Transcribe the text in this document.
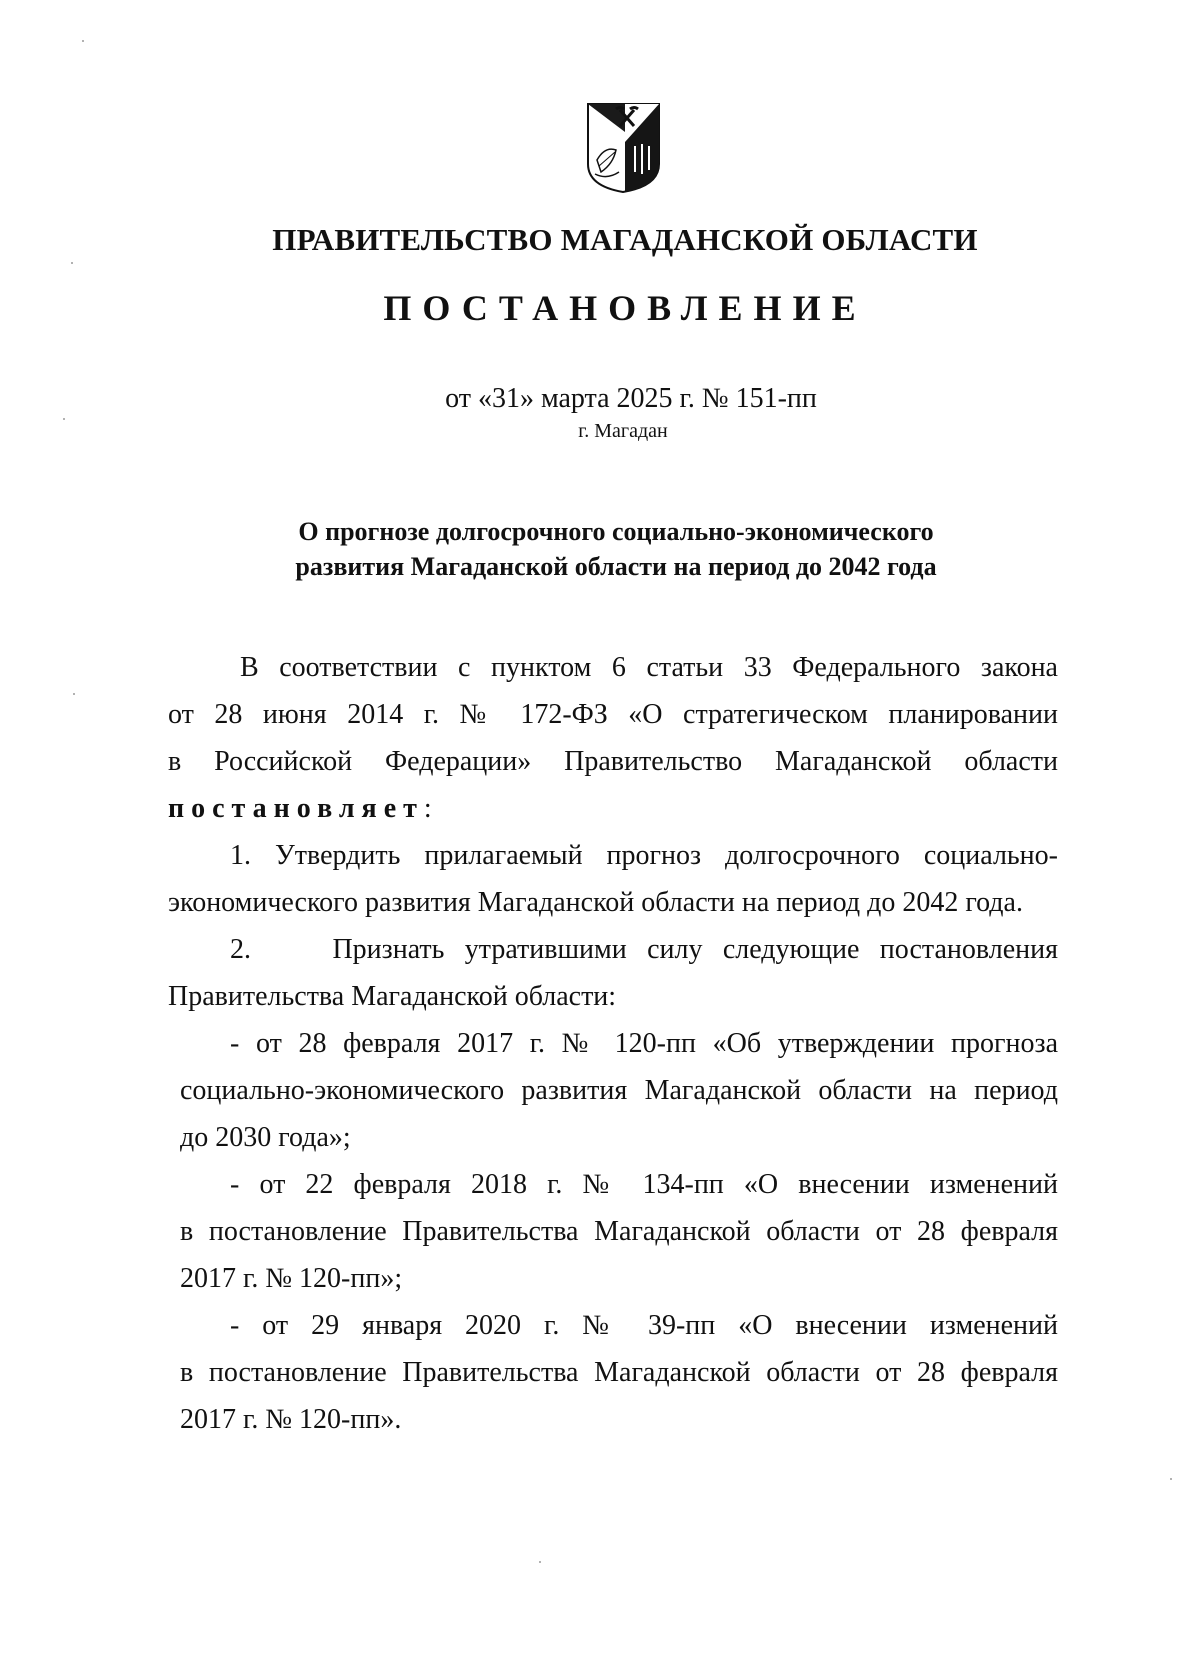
ПРАВИТЕЛЬСТВО МАГАДАНСКОЙ ОБЛАСТИ
ПОСТАНОВЛЕНИЕ
от «31» марта 2025 г. № 151-пп
г. Магадан
О прогнозе долгосрочного социально-экономического
развития Магаданской области на период до 2042 года
В соответствии с пунктом 6 статьи 33 Федерального закона
от 28 июня 2014 г. № 172-ФЗ «О стратегическом планировании
в Российской Федерации» Правительство Магаданской области
постановляет:
1. Утвердить прилагаемый прогноз долгосрочного социально-
экономического развития Магаданской области на период до 2042 года.
2.    Признать утратившими силу следующие постановления
Правительства Магаданской области:
- от 28 февраля 2017 г. № 120-пп «Об утверждении прогноза
социально-экономического развития Магаданской области на период
до 2030 года»;
- от 22 февраля 2018 г. № 134-пп «О внесении изменений
в постановление Правительства Магаданской области от 28 февраля
2017 г. № 120-пп»;
- от 29 января 2020 г. № 39-пп «О внесении изменений
в постановление Правительства Магаданской области от 28 февраля
2017 г. № 120-пп».
